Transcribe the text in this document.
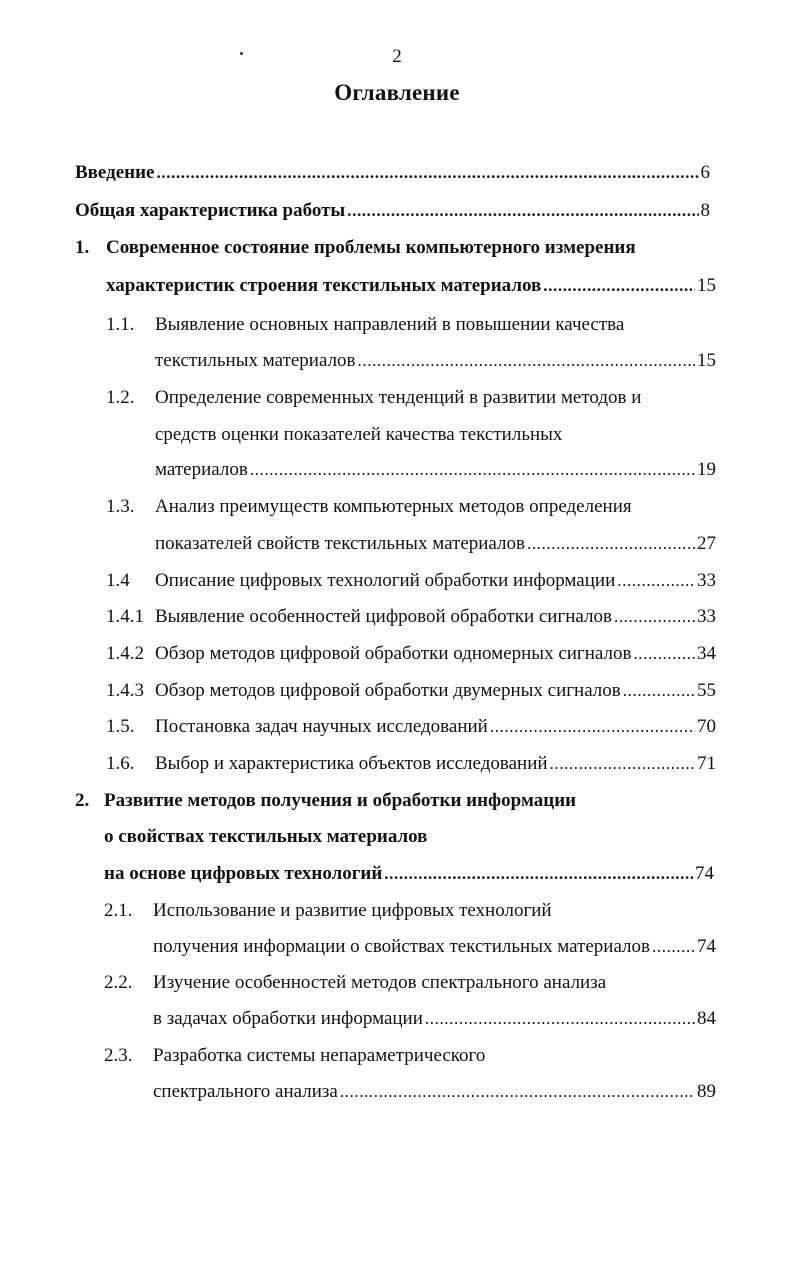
2
Оглавление
Введение .....	6
Общая характеристика работы .....	8
1. Современное состояние проблемы компьютерного измерения
характеристик строения текстильных материалов .....	15
1.1.	Выявление основных направлений в повышении качества
текстильных материалов .....	15
1.2.	Определение современных тенденций в развитии методов и
средств оценки показателей качества текстильных
материалов .....	19
1.3.	Анализ преимуществ компьютерных методов определения
показателей свойств текстильных материалов .....	27
1.4	Описание цифровых технологий обработки информации .....	33
1.4.1 Выявление особенностей цифровой обработки сигналов .....	33
1.4.2 Обзор методов цифровой обработки одномерных сигналов .....	34
1.4.3 Обзор методов цифровой обработки двумерных сигналов .....	55
1.5.	Постановка задач научных исследований .....	70
1.6.	Выбор и характеристика объектов исследований .....	71
2. Развитие методов получения и обработки информации
о свойствах текстильных материалов
на основе цифровых технологий .....	74
2.1.	Использование и развитие цифровых технологий
получения информации о свойствах текстильных материалов ..... 74
2.2.	Изучение особенностей методов спектрального анализа
в задачах обработки информации .....	84
2.3.	Разработка системы непараметрического
спектрального анализа .....	89
